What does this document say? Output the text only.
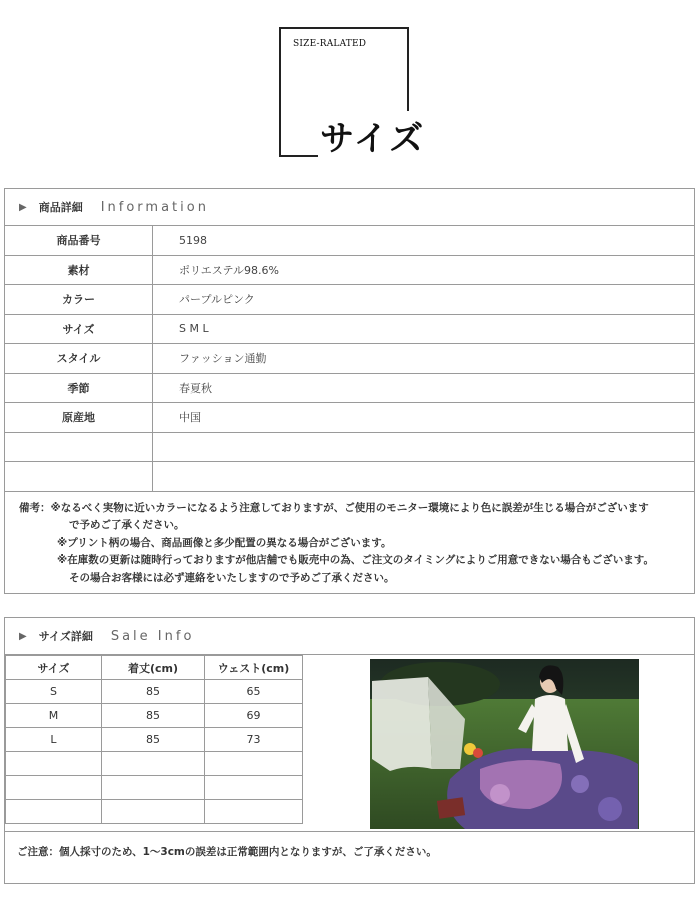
SIZE-RALATED
サイズ
▶ 商品詳細 Information
商品番号	5198
素材	ポリエステル98.6%
カラー	パープルピンク
サイズ	S M L
スタイル	ファッション通勤
季節	春夏秋
原産地	中国
備考：※なるべく実物に近いカラーになるよう注意しておりますが、ご使用のモニター環境により色に誤差が生じる場合がございます
で予めご了承ください。
※プリント柄の場合、商品画像と多少配置の異なる場合がございます。
※在庫数の更新は随時行っておりますが他店舗でも販売中の為、ご注文のタイミングによりご用意できない場合もございます。
その場合お客様には必ず連絡をいたしますので予めご了承ください。
▶ サイズ詳細 Sale Info
サイズ	着丈(cm)	ウェスト(cm)
S	85	65
M	85	69
L	85	73

ご注意：個人採寸のため、1～3cmの誤差は正常範囲内となりますが、ご了承ください。
